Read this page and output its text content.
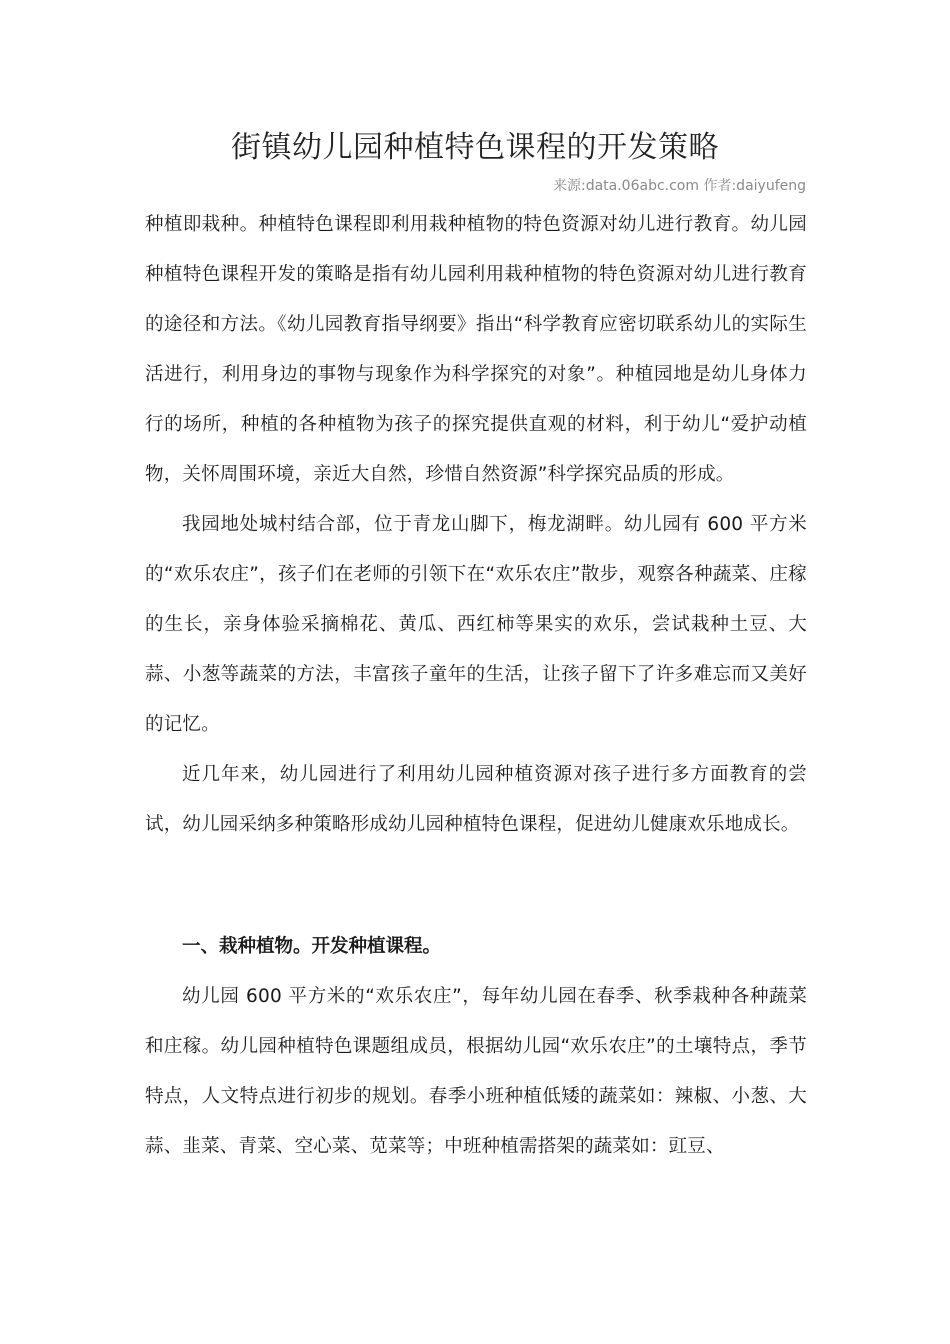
街镇幼儿园种植特色课程的开发策略
来源:data.06abc.com 作者:daiyufeng

种植即栽种。种植特色课程即利用栽种植物的特色资源对幼儿进行教育。幼儿园种植特色课程开发的策略是指有幼儿园利用栽种植物的特色资源对幼儿进行教育的途径和方法。《幼儿园教育指导纲要》指出“科学教育应密切联系幼儿的实际生活进行，利用身边的事物与现象作为科学探究的对象”。种植园地是幼儿身体力行的场所，种植的各种植物为孩子的探究提供直观的材料，利于幼儿“爱护动植物，关怀周围环境，亲近大自然，珍惜自然资源”科学探究品质的形成。

我园地处城村结合部，位于青龙山脚下，梅龙湖畔。幼儿园有 600 平方米的“欢乐农庄”，孩子们在老师的引领下在“欢乐农庄”散步，观察各种蔬菜、庄稼的生长，亲身体验采摘棉花、黄瓜、西红柿等果实的欢乐，尝试栽种土豆、大蒜、小葱等蔬菜的方法，丰富孩子童年的生活，让孩子留下了许多难忘而又美好的记忆。

近几年来，幼儿园进行了利用幼儿园种植资源对孩子进行多方面教育的尝试，幼儿园采纳多种策略形成幼儿园种植特色课程，促进幼儿健康欢乐地成长。

一、栽种植物。开发种植课程。

幼儿园 600 平方米的“欢乐农庄”，每年幼儿园在春季、秋季栽种各种蔬菜和庄稼。幼儿园种植特色课题组成员，根据幼儿园“欢乐农庄”的土壤特点，季节特点，人文特点进行初步的规划。春季小班种植低矮的蔬菜如：辣椒、小葱、大蒜、韭菜、青菜、空心菜、苋菜等；中班种植需搭架的蔬菜如：豇豆、
